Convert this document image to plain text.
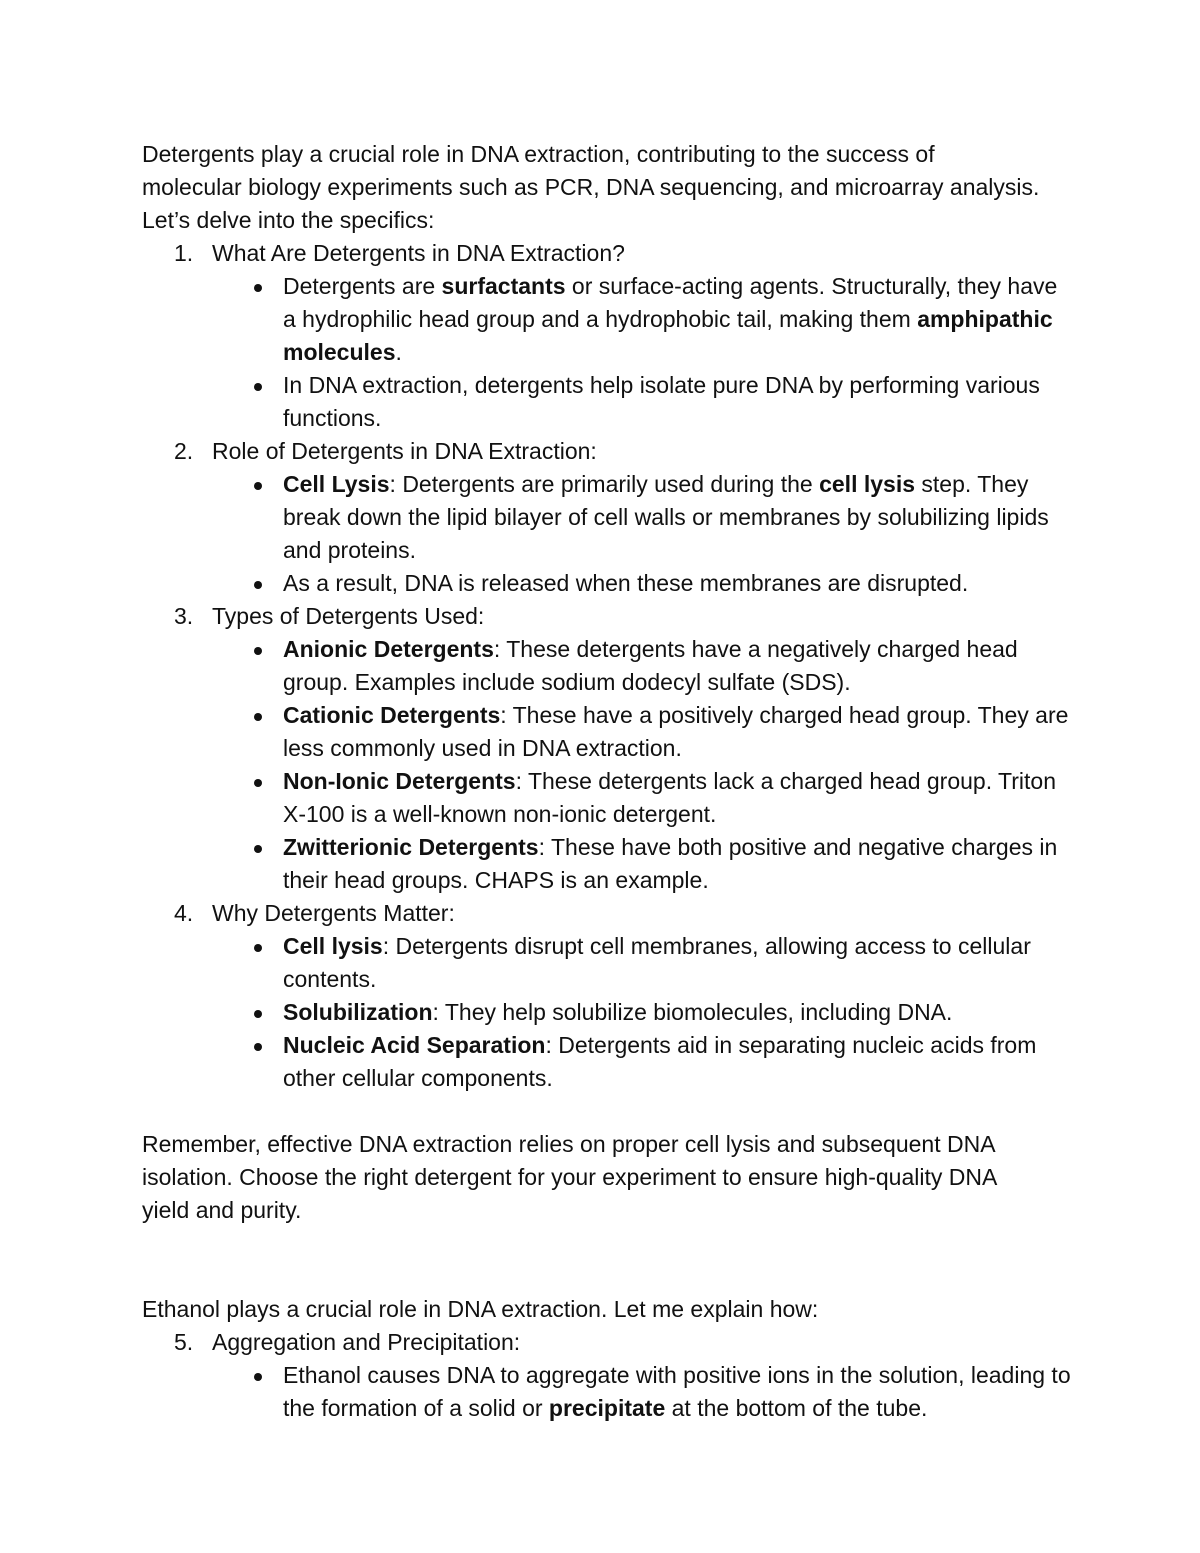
Detergents play a crucial role in DNA extraction, contributing to the success of
molecular biology experiments such as PCR, DNA sequencing, and microarray analysis.
Let’s delve into the specifics:

1. What Are Detergents in DNA Extraction?
Detergents are surfactants or surface-acting agents. Structurally, they have a hydrophilic head group and a hydrophobic tail, making them amphipathic molecules.
In DNA extraction, detergents help isolate pure DNA by performing various functions.
2. Role of Detergents in DNA Extraction:
Cell Lysis: Detergents are primarily used during the cell lysis step. They break down the lipid bilayer of cell walls or membranes by solubilizing lipids and proteins.
As a result, DNA is released when these membranes are disrupted.
3. Types of Detergents Used:
Anionic Detergents: These detergents have a negatively charged head group. Examples include sodium dodecyl sulfate (SDS).
Cationic Detergents: These have a positively charged head group. They are less commonly used in DNA extraction.
Non-Ionic Detergents: These detergents lack a charged head group. Triton X-100 is a well-known non-ionic detergent.
Zwitterionic Detergents: These have both positive and negative charges in their head groups. CHAPS is an example.
4. Why Detergents Matter:
Cell lysis: Detergents disrupt cell membranes, allowing access to cellular contents.
Solubilization: They help solubilize biomolecules, including DNA.
Nucleic Acid Separation: Detergents aid in separating nucleic acids from other cellular components.

Remember, effective DNA extraction relies on proper cell lysis and subsequent DNA
isolation. Choose the right detergent for your experiment to ensure high-quality DNA
yield and purity.

Ethanol plays a crucial role in DNA extraction. Let me explain how:

5. Aggregation and Precipitation:
Ethanol causes DNA to aggregate with positive ions in the solution, leading to the formation of a solid or precipitate at the bottom of the tube.
